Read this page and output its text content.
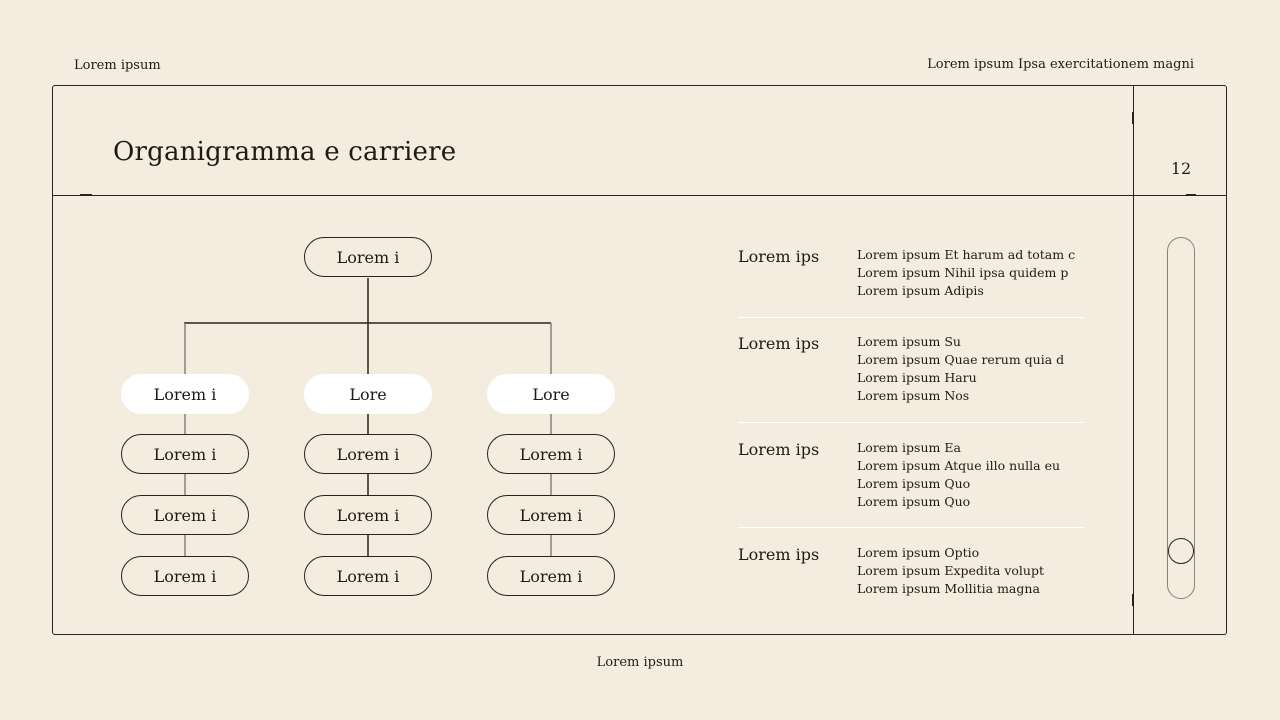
Lorem ipsum	Lorem ipsum Ipsa exercitationem magni
Organigramma e carriere
12
Lorem i
Lorem i	Lore	Lore
Lorem i
Lorem i
Lorem i
Lorem i
Lorem i
Lorem i
Lorem i
Lorem i
Lorem i
Lorem ips	Lorem ipsum Et harum ad totam c
Lorem ipsum Nihil ipsa quidem p
Lorem ipsum Adipis
Lorem ips	Lorem ipsum Su
Lorem ipsum Quae rerum quia d
Lorem ipsum Haru
Lorem ipsum Nos
Lorem ips	Lorem ipsum Ea
Lorem ipsum Atque illo nulla eu
Lorem ipsum Quo
Lorem ipsum Quo
Lorem ips	Lorem ipsum Optio
Lorem ipsum Expedita volupt
Lorem ipsum Mollitia magna
Lorem ipsum
